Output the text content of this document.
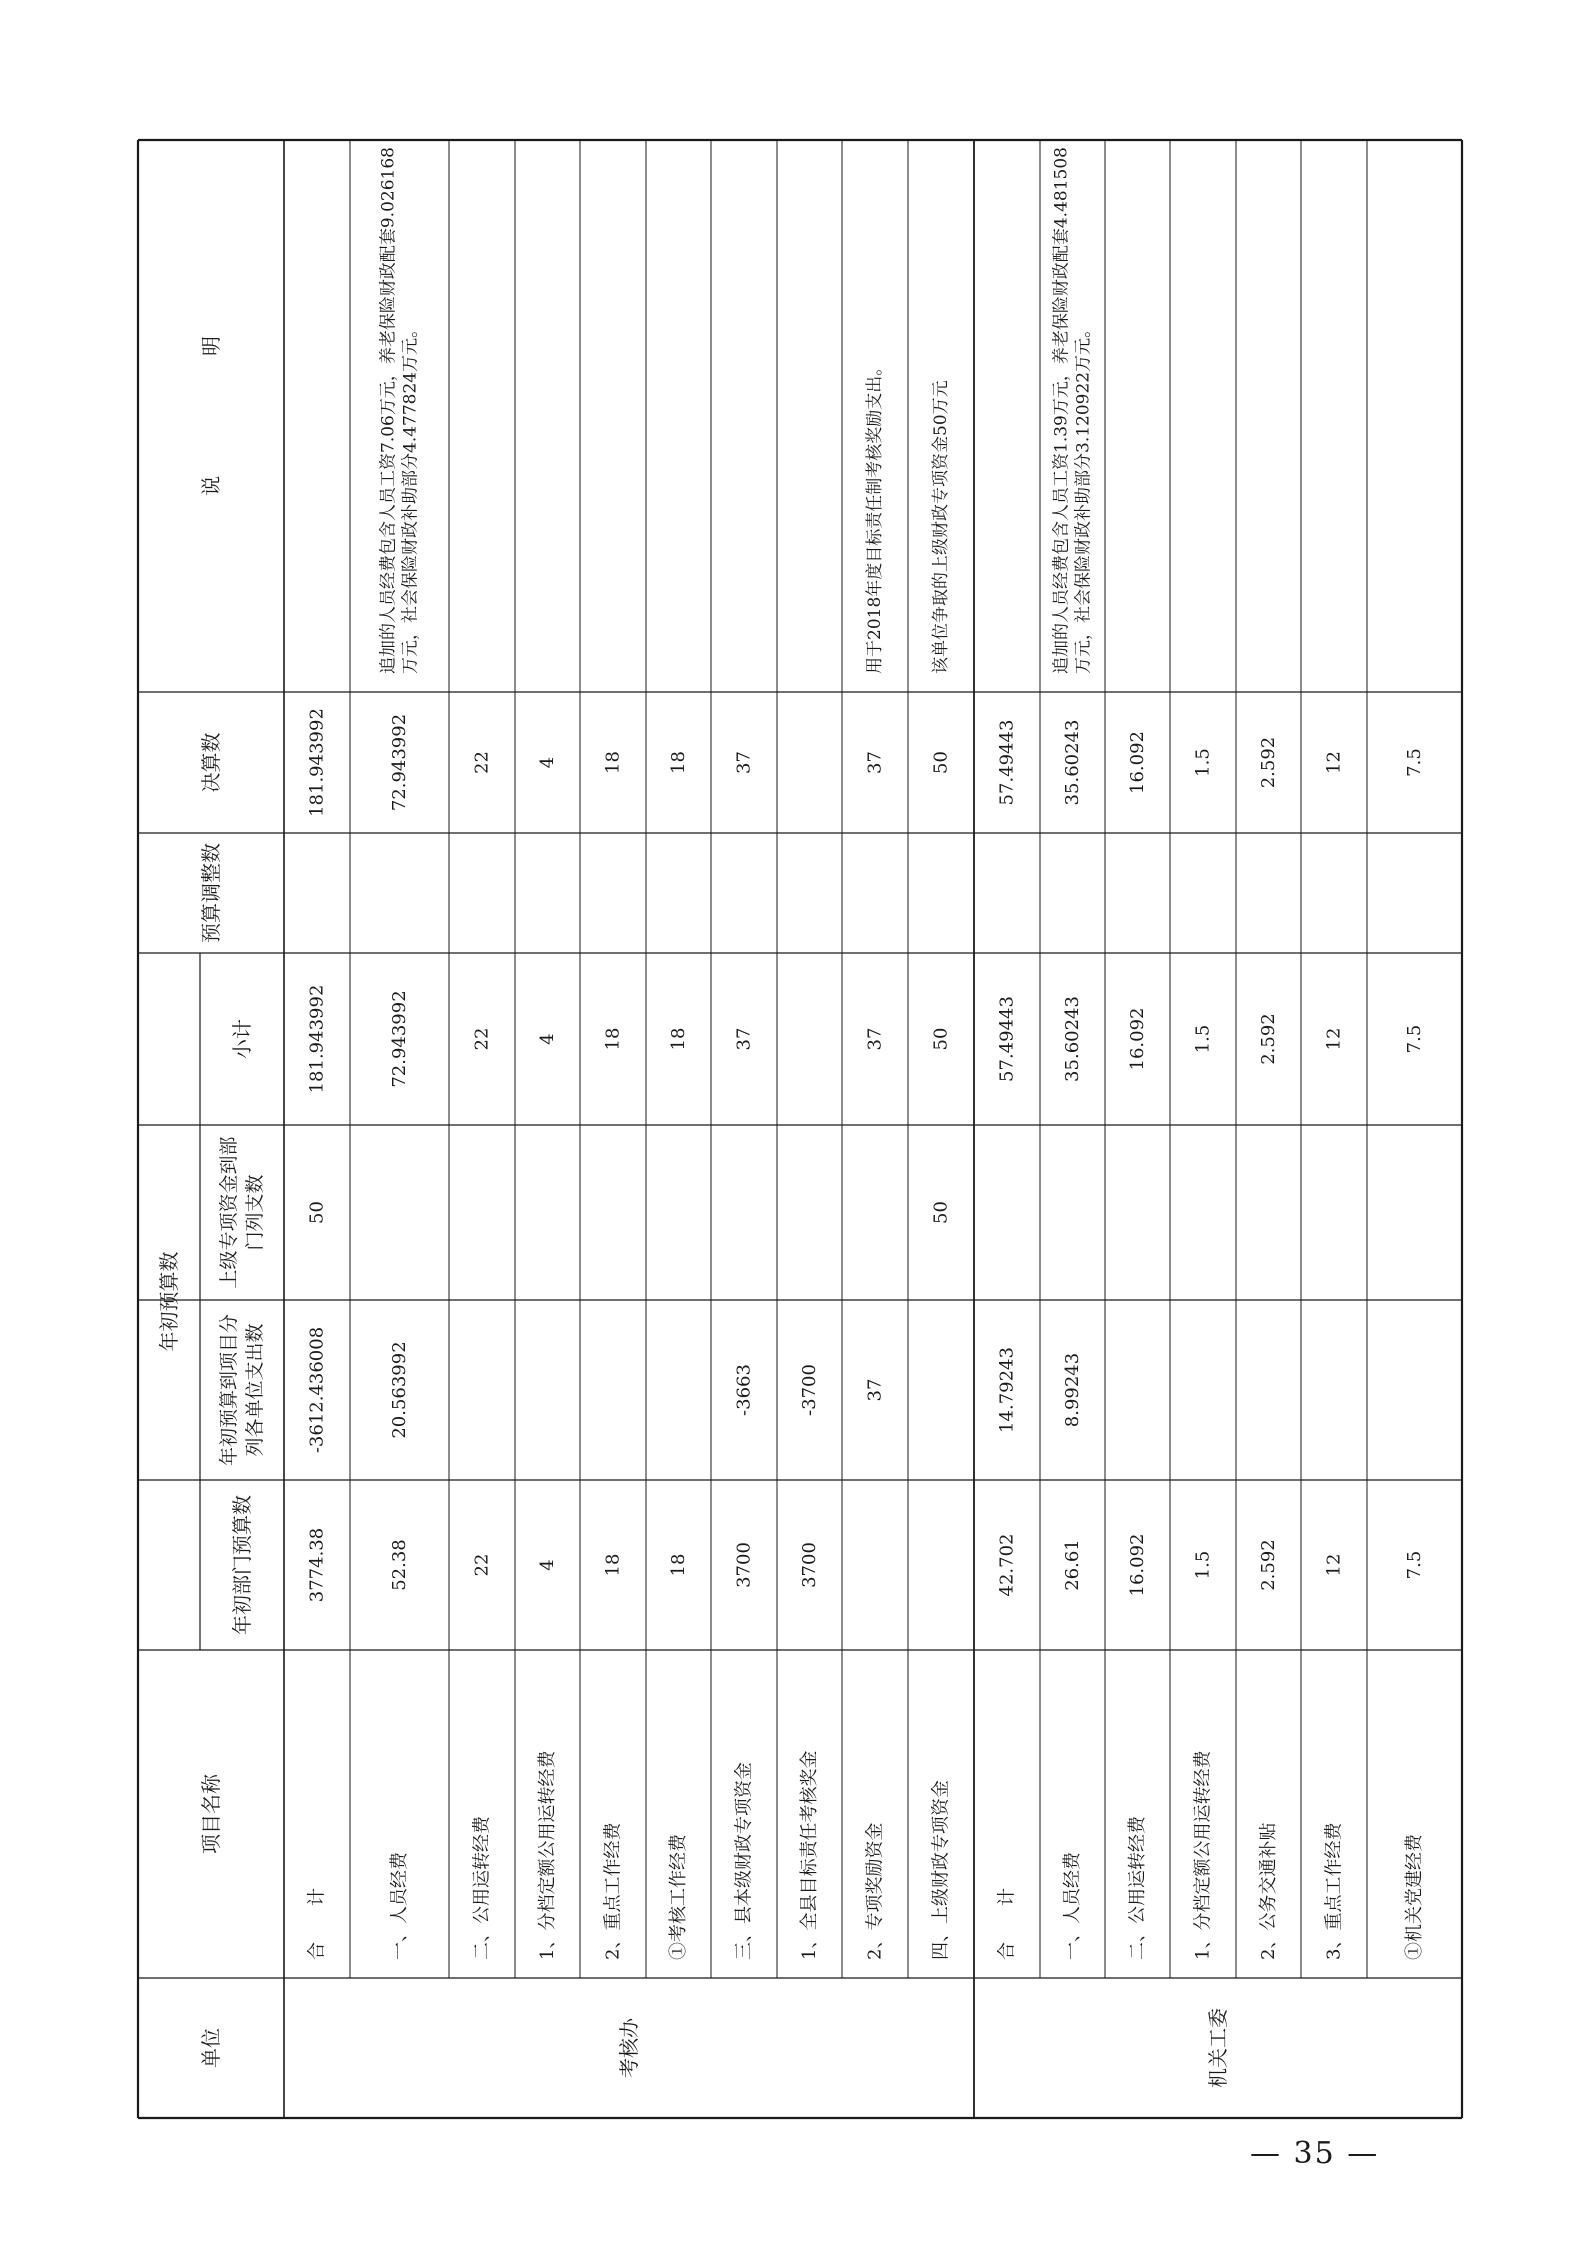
说　　　　　　明
决算数
预算调整数
年初预算数
小计
上级专项资金到部 门列支数
年初预算到项目分 列各单位支出数
年初部门预算数
项目名称
单位
合　　计
3774.38
-3612.436008
50
181.943992
181.943992
一、人员经费
52.38
20.563992
72.943992
72.943992
追加的人员经费包含人员工资7.06万元，养老保险财政配套9.026168 万元，社会保险财政补助部分4.477824万元。
二、公用运转经费
22
22
22
1、分档定额公用运转经费
4
4
4
2、重点工作经费
18
18
18
①考核工作经费
18
18
18
三、县本级财政专项资金
3700
-3663
37
37
1、全县目标责任考核奖金
3700
-3700
2、专项奖励资金
37
37
37
用于2018年度目标责任制考核奖励支出。
四、上级财政专项资金
50
50
50
该单位争取的上级财政专项资金50万元
合　　计
42.702
14.79243
57.49443
57.49443
一、人员经费
26.61
8.99243
35.60243
35.60243
追加的人员经费包含人员工资1.39万元，养老保险财政配套4.481508 万元，社会保险财政补助部分3.120922万元。
二、公用运转经费
16.092
16.092
16.092
1、分档定额公用运转经费
1.5
1.5
1.5
2、公务交通补贴
2.592
2.592
2.592
3、重点工作经费
12
12
12
①机关党建经费
7.5
7.5
7.5
考核办	机关工委
— 35 —
